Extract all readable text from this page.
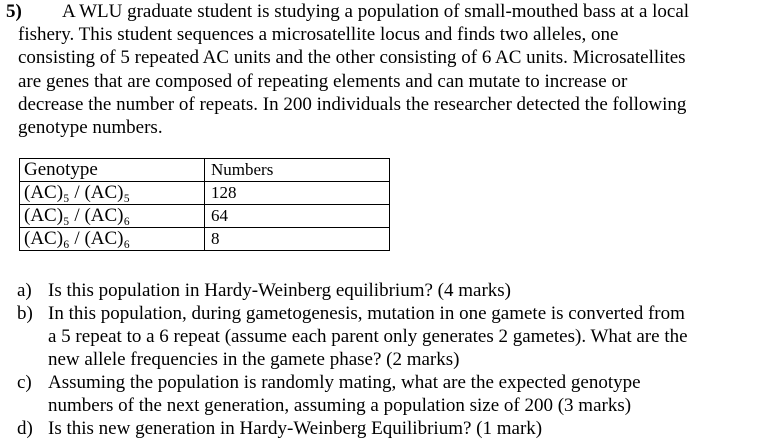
5) A WLU graduate student is studying a population of small-mouthed bass at a local
fishery. This student sequences a microsatellite locus and finds two alleles, one
consisting of 5 repeated AC units and the other consisting of 6 AC units. Microsatellites
are genes that are composed of repeating elements and can mutate to increase or
decrease the number of repeats. In 200 individuals the researcher detected the following
genotype numbers.
Genotype	Numbers
(AC)₅ / (AC)₅	128
(AC)₅ / (AC)₆	64
(AC)₆ / (AC)₆	8
a) Is this population in Hardy-Weinberg equilibrium? (4 marks)
b) In this population, during gametogenesis, mutation in one gamete is converted from
a 5 repeat to a 6 repeat (assume each parent only generates 2 gametes). What are the
new allele frequencies in the gamete phase? (2 marks)
c) Assuming the population is randomly mating, what are the expected genotype
numbers of the next generation, assuming a population size of 200 (3 marks)
d) Is this new generation in Hardy-Weinberg Equilibrium? (1 mark)
